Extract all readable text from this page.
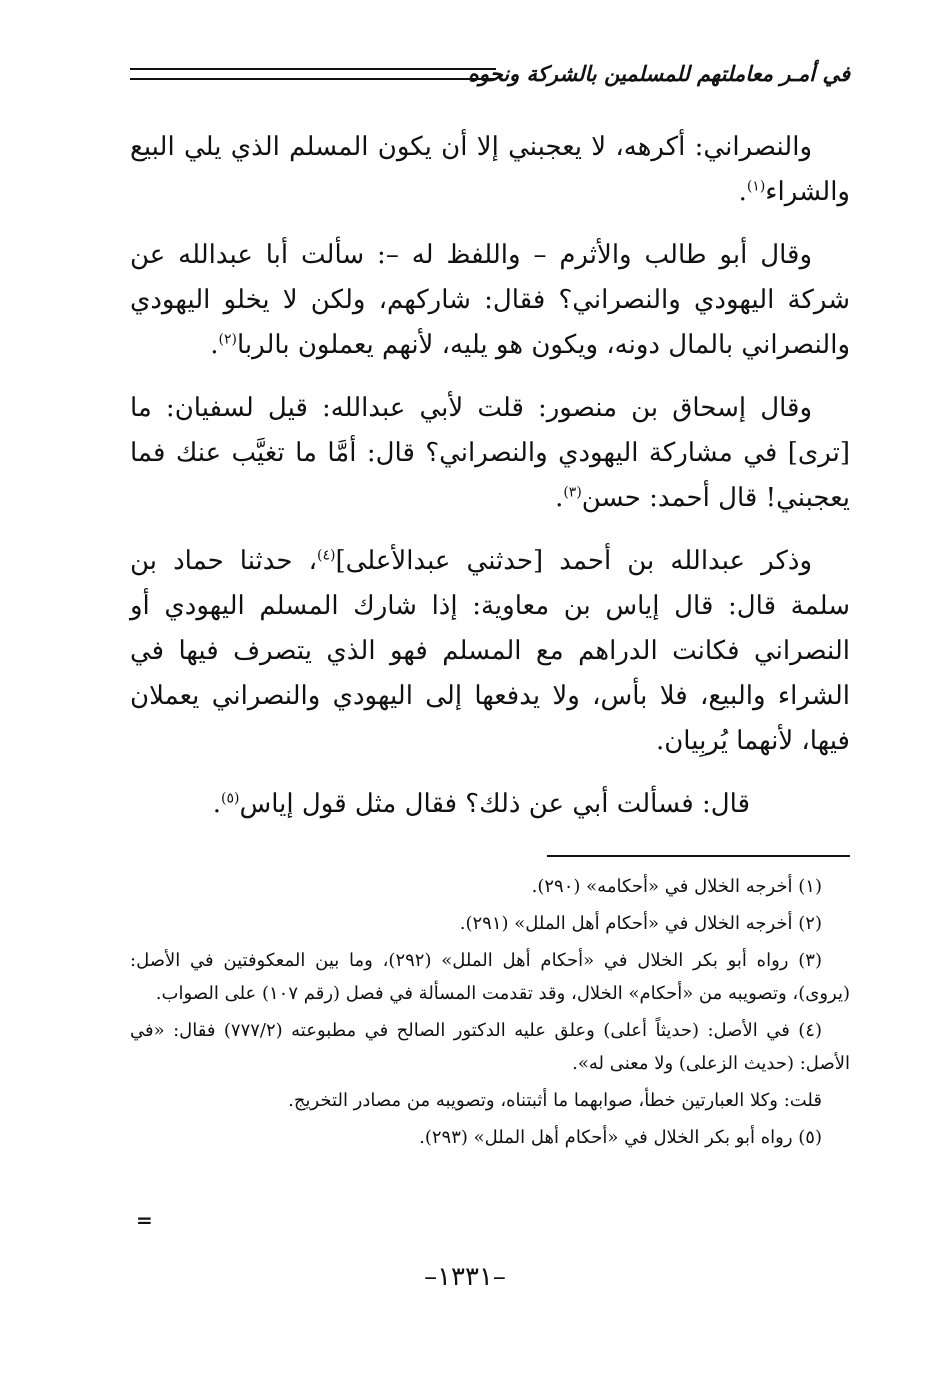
في أمـر معاملتهم للمسلمين بالشركة ونحوه

والنصراني: أكرهه، لا يعجبني إلا أن يكون المسلم الذي يلي البيع والشراء$^{(١)}$.

وقال أبو طالب والأثرم – واللفظ له –: سألت أبا عبدالله عن شركة اليهودي والنصراني؟ فقال: شاركهم، ولكن لا يخلو اليهودي والنصراني بالمال دونه، ويكون هو يليه، لأنهم يعملون بالربا$^{(٢)}$.

وقال إسحاق بن منصور: قلت لأبي عبدالله: قيل لسفيان: ما [ترى] في مشاركة اليهودي والنصراني؟ قال: أمَّا ما تغيَّب عنك فما يعجبني! قال أحمد: حسن$^{(٣)}$.

وذكر عبدالله بن أحمد [حدثني عبدالأعلى]$^{(٤)}$، حدثنا حماد بن سلمة قال: قال إياس بن معاوية: إذا شارك المسلم اليهودي أو النصراني فكانت الدراهم مع المسلم فهو الذي يتصرف فيها في الشراء والبيع، فلا بأس، ولا يدفعها إلى اليهودي والنصراني يعملان فيها، لأنهما يُربِيان.

قال: فسألت أبي عن ذلك؟ فقال مثل قول إياس$^{(٥)}$.

(١) أخرجه الخلال في «أحكامه» (٢٩٠).

(٢) أخرجه الخلال في «أحكام أهل الملل» (٢٩١).

(٣) رواه أبو بكر الخلال في «أحكام أهل الملل» (٢٩٢)، وما بين المعكوفتين في الأصل: (يروى)، وتصويبه من «أحكام» الخلال، وقد تقدمت المسألة في فصل (رقم ١٠٧) على الصواب.

(٤) في الأصل: (حديثاً أعلى) وعلق عليه الدكتور الصالح في مطبوعته (٧٧٧/٢) فقال: «في الأصل: (حديث الزعلى) ولا معنى له».

قلت: وكلا العبارتين خطأ، صوابهما ما أثبتناه، وتصويبه من مصادر التخريج.

(٥) رواه أبو بكر الخلال في «أحكام أهل الملل» (٢٩٣).

=
–١٣٣١–
